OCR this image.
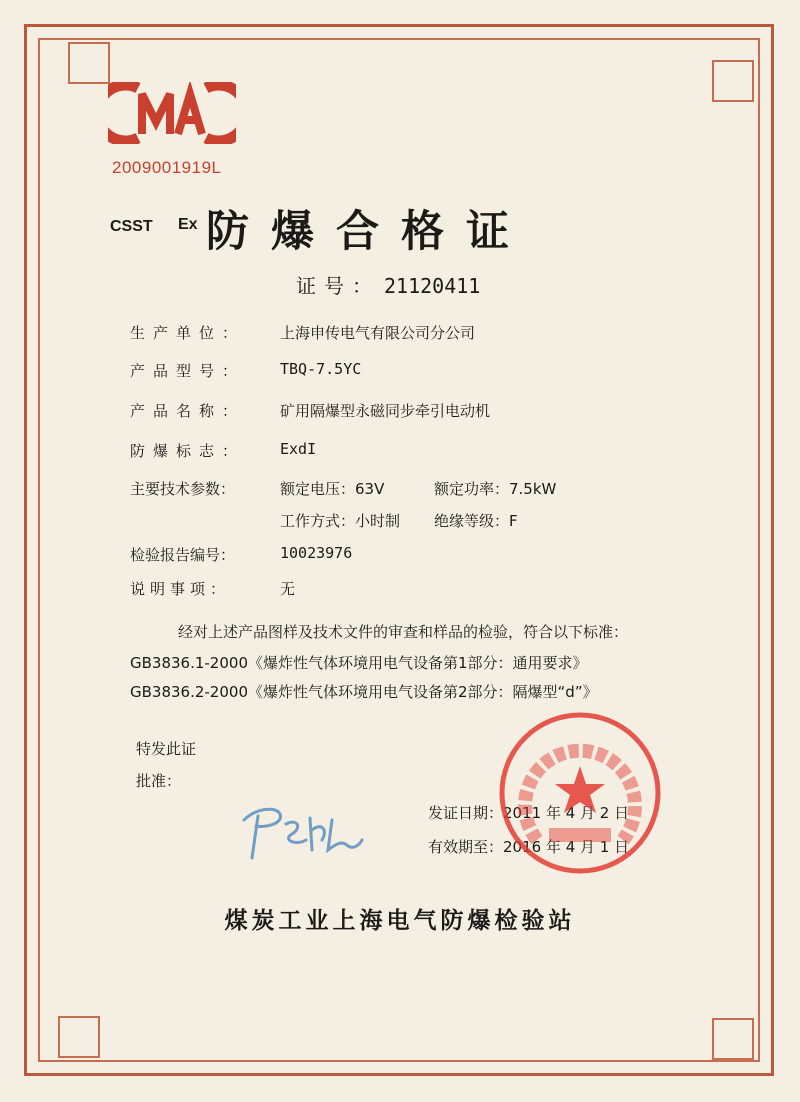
2009001919L
CSST Ex 防爆合格证
证号： 21120411
生产单位： 上海申传电气有限公司分公司
产品型号： TBQ-7.5YC
产品名称： 矿用隔爆型永磁同步牵引电动机
防爆标志： ExdI
主要技术参数：	额定电压：63V	额定功率：7.5kW
工作方式：小时制 绝缘等级：F
检验报告编号：	10023976
说明事项：	无
经对上述产品图样及技术文件的审查和样品的检验，符合以下标准：
GB3836.1-2000《爆炸性气体环境用电气设备第1部分：通用要求》
GB3836.2-2000《爆炸性气体环境用电气设备第2部分：隔爆型“d”》
特发此证
批准：
发证日期：2011 年 4 月 2 日
有效期至：2016 年 4 月 1 日
煤炭工业上海电气防爆检验站
